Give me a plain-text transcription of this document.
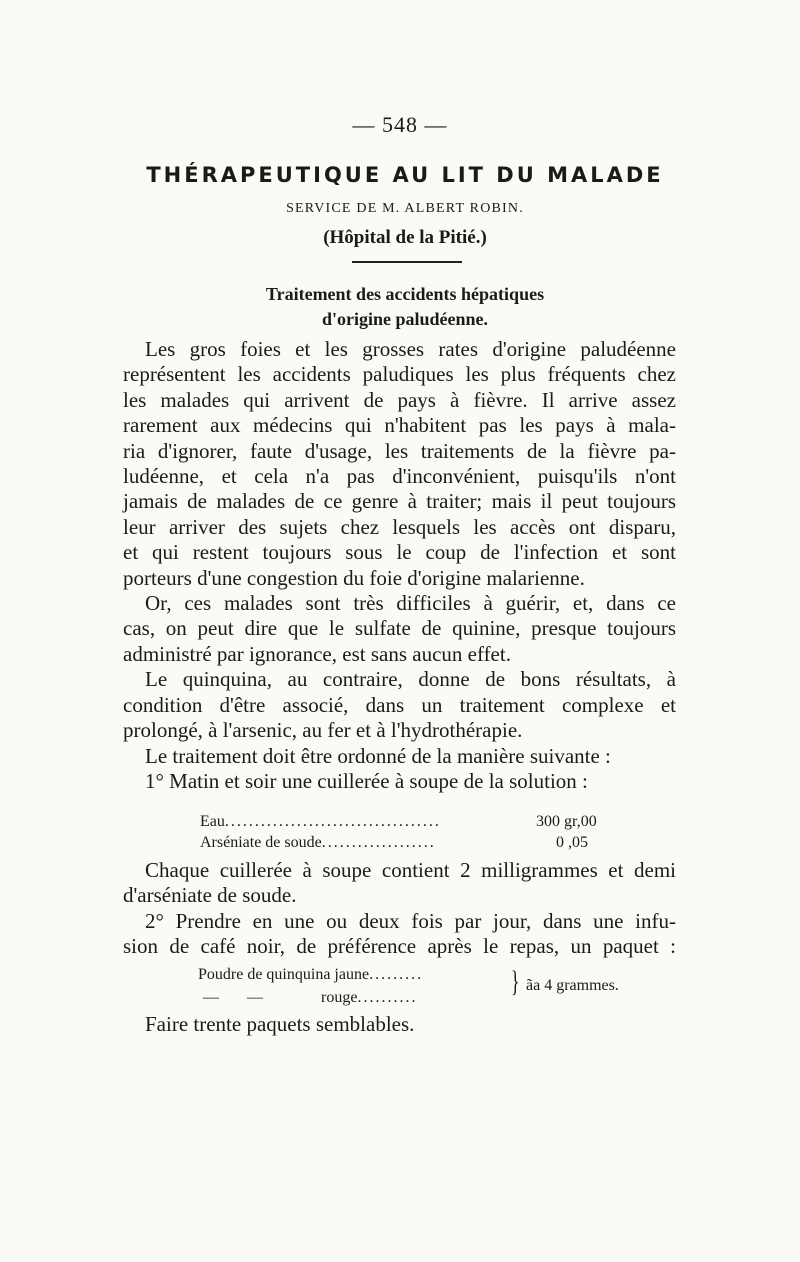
— 548 —
THÉRAPEUTIQUE AU LIT DU MALADE
SERVICE DE M. ALBERT ROBIN.
(Hôpital de la Pitié.)
Traitement des accidents hépatiques
d'origine paludéenne.
Les gros foies et les grosses rates d'origine paludéenne
représentent les accidents paludiques les plus fréquents chez
les malades qui arrivent de pays à fièvre. Il arrive assez
rarement aux médecins qui n'habitent pas les pays à mala-
ria d'ignorer, faute d'usage, les traitements de la fièvre pa-
ludéenne, et cela n'a pas d'inconvénient, puisqu'ils n'ont
jamais de malades de ce genre à traiter; mais il peut toujours
leur arriver des sujets chez lesquels les accès ont disparu,
et qui restent toujours sous le coup de l'infection et sont
porteurs d'une congestion du foie d'origine malarienne.
Or, ces malades sont très difficiles à guérir, et, dans ce
cas, on peut dire que le sulfate de quinine, presque toujours
administré par ignorance, est sans aucun effet.
Le quinquina, au contraire, donne de bons résultats, à
condition d'être associé, dans un traitement complexe et
prolongé, à l'arsenic, au fer et à l'hydrothérapie.
Le traitement doit être ordonné de la manière suivante :
1° Matin et soir une cuillerée à soupe de la solution :
Eau....................................	300 gr,00
Arséniate de soude...................	0 ,05
Chaque cuillerée à soupe contient 2 milligrammes et demi
d'arséniate de soude.
2° Prendre en une ou deux fois par jour, dans une infu-
sion de café noir, de préférence après le repas, un paquet :
Poudre de quinquina jaune.........
—       —	rouge..........	} ãa 4 grammes.
Faire trente paquets semblables.
